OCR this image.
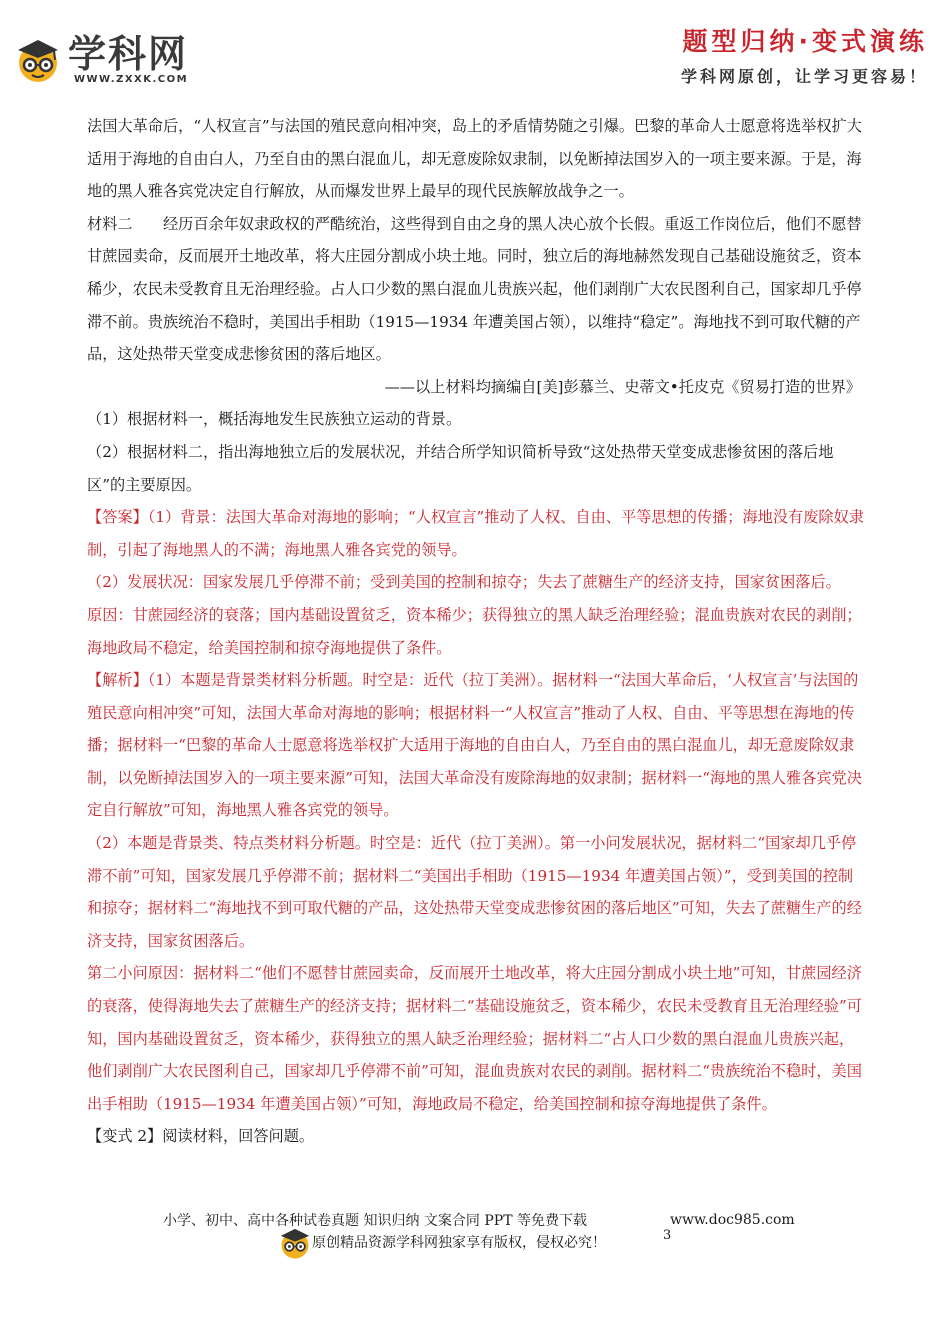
学科网
WWW.ZXXK.COM
题型归纳·变式演练
学科网原创，让学习更容易！

法国大革命后，“人权宣言”与法国的殖民意向相冲突，岛上的矛盾情势随之引爆。巴黎的革命人士愿意将选举权扩大适用于海地的自由白人，乃至自由的黑白混血儿，却无意废除奴隶制，以免断掉法国岁入的一项主要来源。于是，海地的黑人雅各宾党决定自行解放，从而爆发世界上最早的现代民族解放战争之一。

材料二　　经历百余年奴隶政权的严酷统治，这些得到自由之身的黑人决心放个长假。重返工作岗位后，他们不愿替甘蔗园卖命，反而展开土地改革，将大庄园分割成小块土地。同时，独立后的海地赫然发现自己基础设施贫乏，资本稀少，农民未受教育且无治理经验。占人口少数的黑白混血儿贵族兴起，他们剥削广大农民图利自己，国家却几乎停滞不前。贵族统治不稳时，美国出手相助（1915—1934 年遭美国占领），以维持“稳定”。海地找不到可取代糖的产品，这处热带天堂变成悲惨贫困的落后地区。

——以上材料均摘编自[美]彭慕兰、史蒂文•托皮克《贸易打造的世界》

（1）根据材料一，概括海地发生民族独立运动的背景。

（2）根据材料二，指出海地独立后的发展状况，并结合所学知识简析导致“这处热带天堂变成悲惨贫困的落后地区”的主要原因。

【答案】（1）背景：法国大革命对海地的影响；“人权宣言”推动了人权、自由、平等思想的传播；海地没有废除奴隶制，引起了海地黑人的不满；海地黑人雅各宾党的领导。

（2）发展状况：国家发展几乎停滞不前；受到美国的控制和掠夺；失去了蔗糖生产的经济支持，国家贫困落后。

原因：甘蔗园经济的衰落；国内基础设置贫乏，资本稀少；获得独立的黑人缺乏治理经验；混血贵族对农民的剥削；海地政局不稳定，给美国控制和掠夺海地提供了条件。

【解析】（1）本题是背景类材料分析题。时空是：近代（拉丁美洲）。据材料一“法国大革命后，‘人权宣言’与法国的殖民意向相冲突”可知，法国大革命对海地的影响；根据材料一“人权宣言”推动了人权、自由、平等思想在海地的传播；据材料一“巴黎的革命人士愿意将选举权扩大适用于海地的自由白人，乃至自由的黑白混血儿，却无意废除奴隶制，以免断掉法国岁入的一项主要来源”可知，法国大革命没有废除海地的奴隶制；据材料一“海地的黑人雅各宾党决定自行解放”可知，海地黑人雅各宾党的领导。

（2）本题是背景类、特点类材料分析题。时空是：近代（拉丁美洲）。第一小问发展状况，据材料二“国家却几乎停滞不前”可知，国家发展几乎停滞不前；据材料二“美国出手相助（1915—1934 年遭美国占领）”，受到美国的控制和掠夺；据材料二“海地找不到可取代糖的产品，这处热带天堂变成悲惨贫困的落后地区”可知，失去了蔗糖生产的经济支持，国家贫困落后。

第二小问原因：据材料二“他们不愿替甘蔗园卖命，反而展开土地改革，将大庄园分割成小块土地”可知，甘蔗园经济的衰落，使得海地失去了蔗糖生产的经济支持；据材料二“基础设施贫乏，资本稀少，农民未受教育且无治理经验”可知，国内基础设置贫乏，资本稀少，获得独立的黑人缺乏治理经验；据材料二“占人口少数的黑白混血儿贵族兴起，他们剥削广大农民图利自己，国家却几乎停滞不前”可知，混血贵族对农民的剥削。据材料二“贵族统治不稳时，美国出手相助（1915—1934 年遭美国占领）”可知，海地政局不稳定，给美国控制和掠夺海地提供了条件。

【变式 2】阅读材料，回答问题。

小学、初中、高中各种试卷真题 知识归纳 文案合同 PPT 等免费下载	www.doc985.com
原创精品资源学科网独家享有版权，侵权必究！	3
